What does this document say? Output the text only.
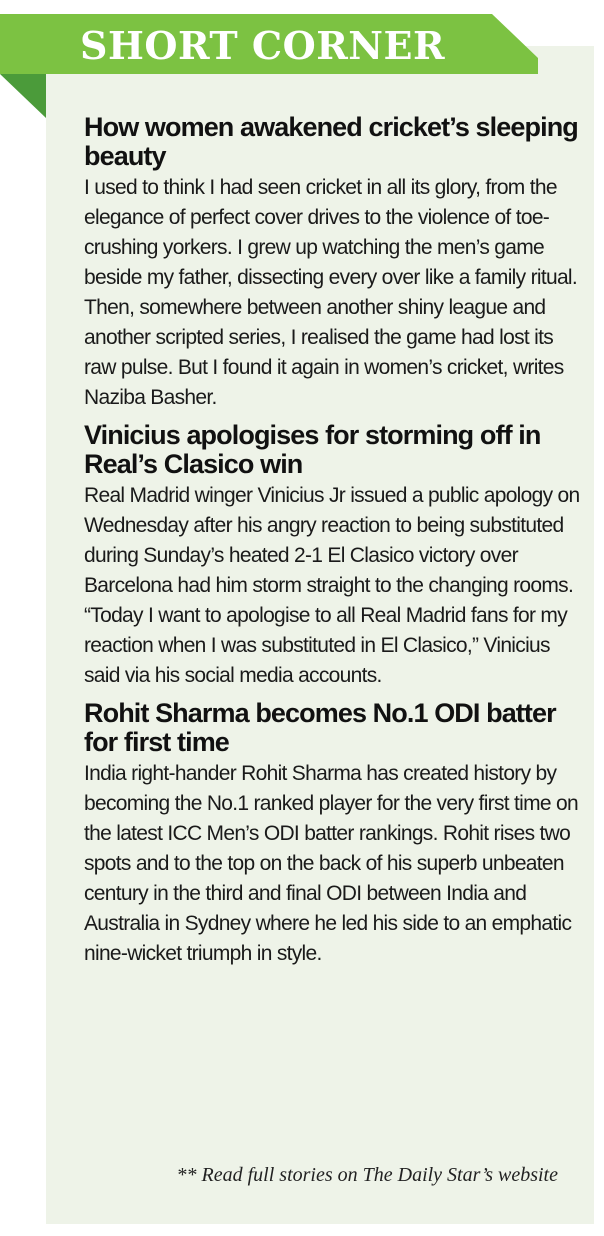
SHORT CORNER
How women awakened cricket’s sleeping beauty

I used to think I had seen cricket in all its glory, from the elegance of perfect cover drives to the violence of toe-crushing yorkers. I grew up watching the men’s game beside my father, dissecting every over like a family ritual. Then, somewhere between another shiny league and another scripted series, I realised the game had lost its raw pulse. But I found it again in women’s cricket, writes Naziba Basher.

Vinicius apologises for storming off in Real’s Clasico win

Real Madrid winger Vinicius Jr issued a public apology on Wednesday after his angry reaction to being substituted during Sunday’s heated 2-1 El Clasico victory over Barcelona had him storm straight to the changing rooms. “Today I want to apologise to all Real Madrid fans for my reaction when I was substituted in El Clasico,” Vinicius said via his social media accounts.

Rohit Sharma becomes No.1 ODI batter for first time

India right-hander Rohit Sharma has created history by becoming the No.1 ranked player for the very first time on the latest ICC Men’s ODI batter rankings. Rohit rises two spots and to the top on the back of his superb unbeaten century in the third and final ODI between India and Australia in Sydney where he led his side to an emphatic nine-wicket triumph in style.

** Read full stories on The Daily Star’s website
